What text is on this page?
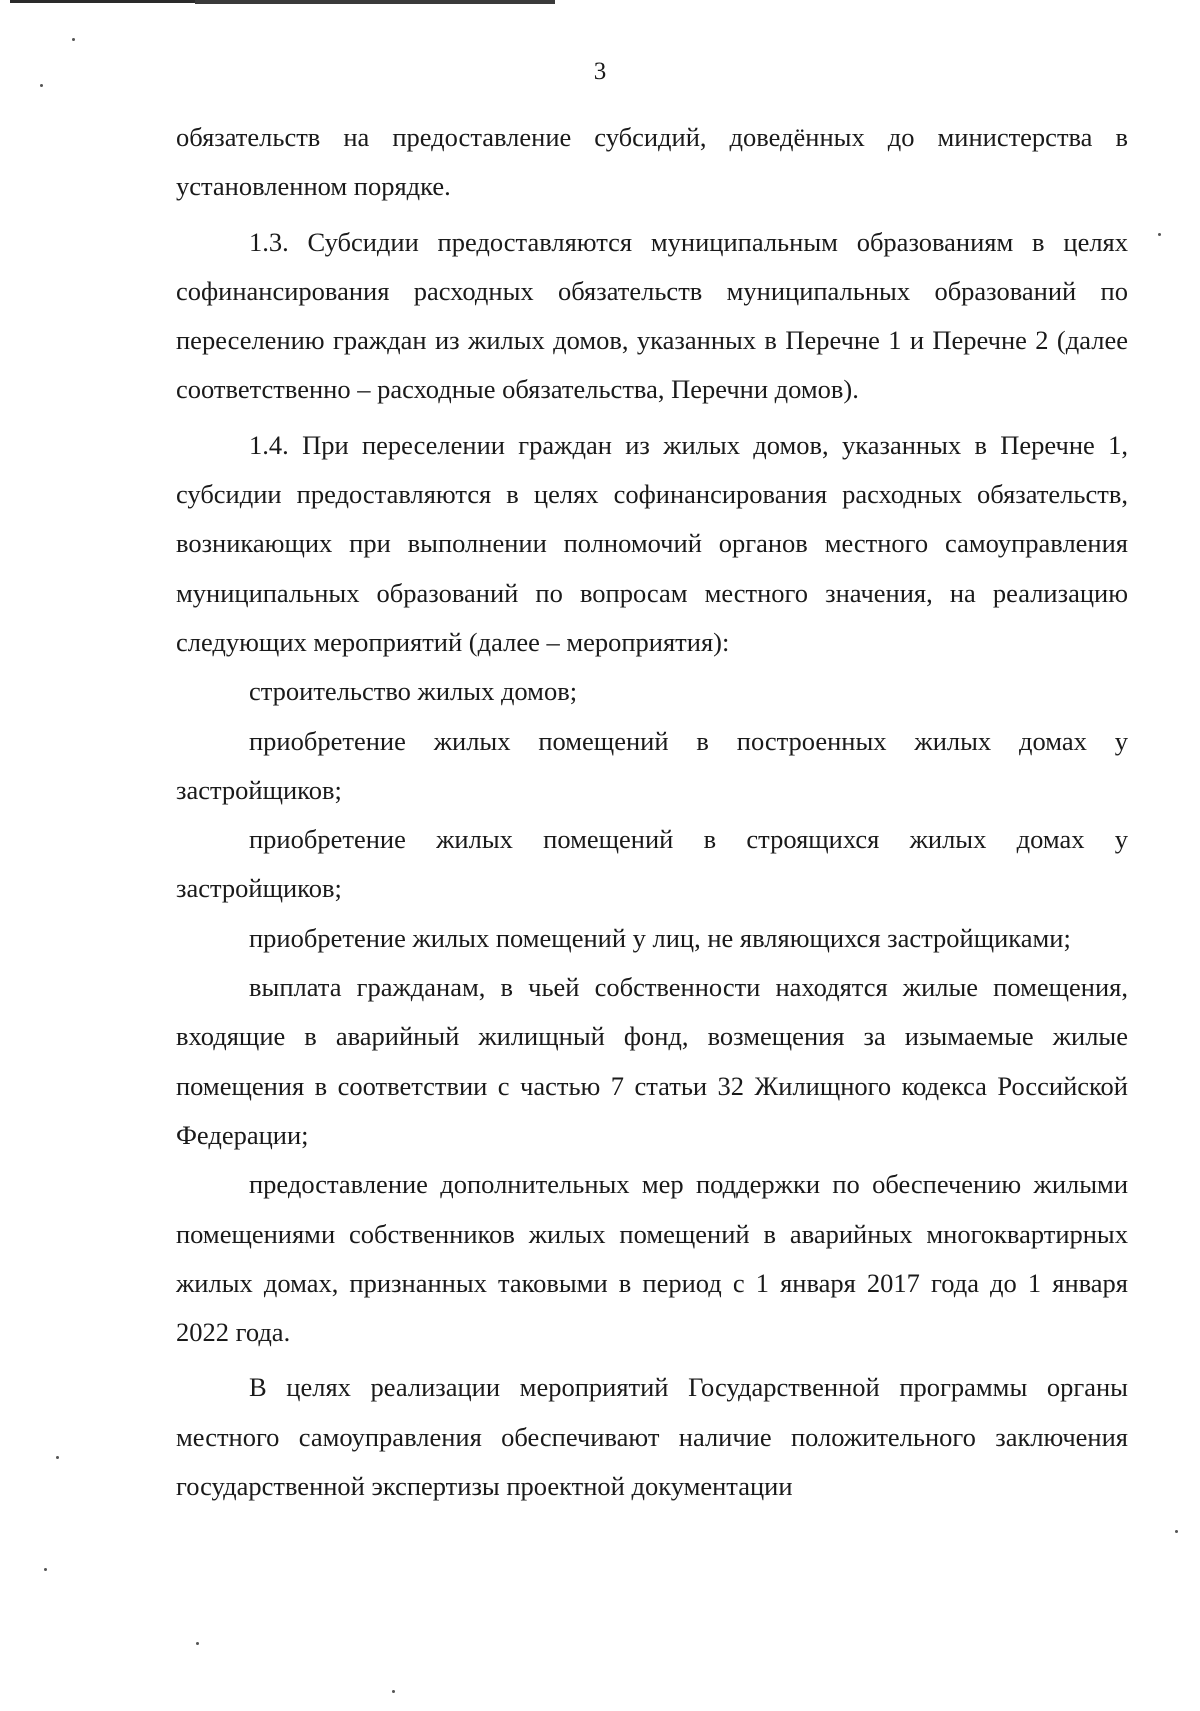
3

обязательств на предоставление субсидий, доведённых до министерства в установленном порядке.

1.3. Субсидии предоставляются муниципальным образованиям в целях софинансирования расходных обязательств муниципальных образований по переселению граждан из жилых домов, указанных в Перечне 1 и Перечне 2 (далее соответственно – расходные обязательства, Перечни домов).

1.4. При переселении граждан из жилых домов, указанных в Перечне 1, субсидии предоставляются в целях софинансирования расходных обязательств, возникающих при выполнении полномочий органов местного самоуправления муниципальных образований по вопросам местного значения, на реализацию следующих мероприятий (далее – мероприятия):

строительство жилых домов;

приобретение жилых помещений в построенных жилых домах у застройщиков;

приобретение жилых помещений в строящихся жилых домах у застройщиков;

приобретение жилых помещений у лиц, не являющихся застройщиками;

выплата гражданам, в чьей собственности находятся жилые помещения, входящие в аварийный жилищный фонд, возмещения за изымаемые жилые помещения в соответствии с частью 7 статьи 32 Жилищного кодекса Российской Федерации;

предоставление дополнительных мер поддержки по обеспечению жилыми помещениями собственников жилых помещений в аварийных многоквартирных жилых домах, признанных таковыми в период с 1 января 2017 года до 1 января 2022 года.

В целях реализации мероприятий Государственной программы органы местного самоуправления обеспечивают наличие положительного заключения государственной экспертизы проектной документации
